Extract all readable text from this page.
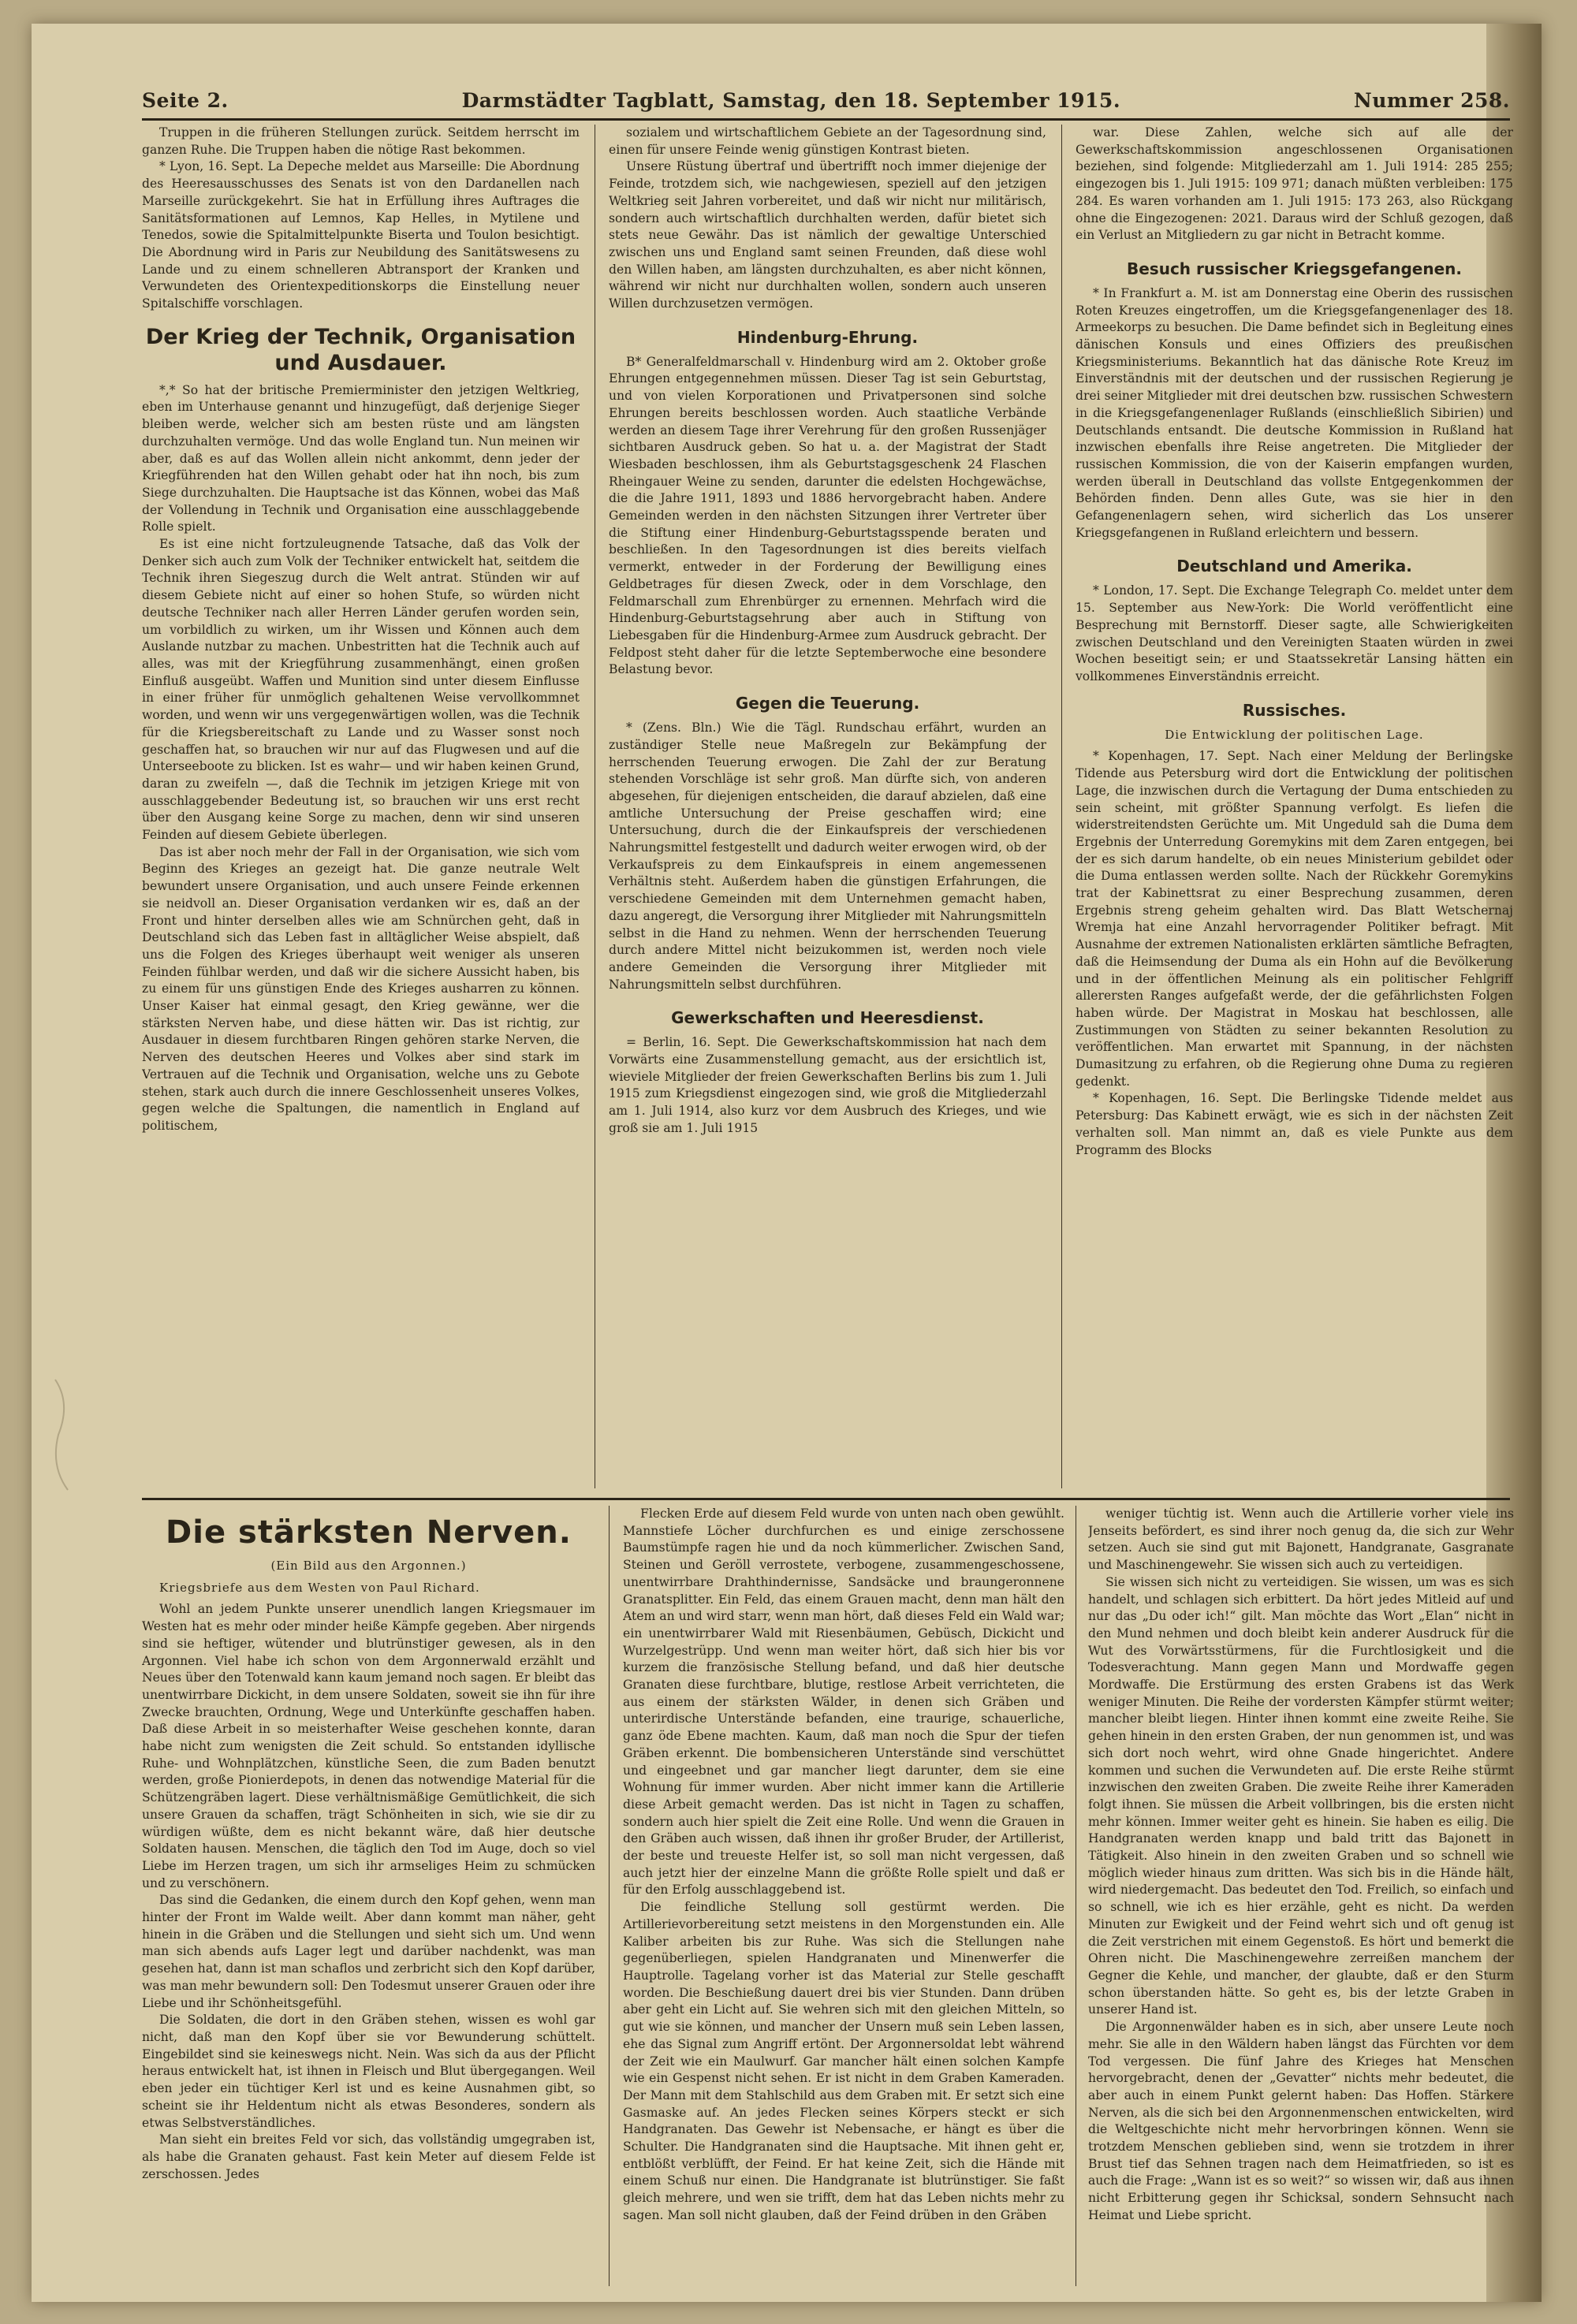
Seite 2.	Darmstädter Tagblatt, Samstag, den 18. September 1915.	Nummer 258.

Truppen in die früheren Stellungen zurück. Seitdem herrscht im ganzen Ruhe. Die Truppen haben die nötige Rast bekommen.

* Lyon, 16. Sept. La Depeche meldet aus Marseille: Die Abordnung des Heeresausschusses des Senats ist von den Dardanellen nach Marseille zurückgekehrt. Sie hat in Erfüllung ihres Auftrages die Sanitätsformationen auf Lemnos, Kap Helles, in Mytilene und Tenedos, sowie die Spitalmittelpunkte Biserta und Toulon besichtigt. Die Abordnung wird in Paris zur Neubildung des Sanitätswesens zu Lande und zu einem schnelleren Abtransport der Kranken und Verwundeten des Orientexpeditionskorps die Einstellung neuer Spitalschiffe vorschlagen.

Der Krieg der Technik, Organisation und Ausdauer.

*,* So hat der britische Premierminister den jetzigen Weltkrieg, eben im Unterhause genannt und hinzugefügt, daß derjenige Sieger bleiben werde, welcher sich am besten rüste und am längsten durchzuhalten vermöge. Und das wolle England tun. Nun meinen wir aber, daß es auf das Wollen allein nicht ankommt, denn jeder der Kriegführenden hat den Willen gehabt oder hat ihn noch, bis zum Siege durchzuhalten. Die Hauptsache ist das Können, wobei das Maß der Vollendung in Technik und Organisation eine ausschlaggebende Rolle spielt.

Es ist eine nicht fortzuleugnende Tatsache, daß das Volk der Denker sich auch zum Volk der Techniker entwickelt hat, seitdem die Technik ihren Siegeszug durch die Welt antrat. Stünden wir auf diesem Gebiete nicht auf einer so hohen Stufe, so würden nicht deutsche Techniker nach aller Herren Länder gerufen worden sein, um vorbildlich zu wirken, um ihr Wissen und Können auch dem Auslande nutzbar zu machen. Unbestritten hat die Technik auch auf alles, was mit der Kriegführung zusammenhängt, einen großen Einfluß ausgeübt. Waffen und Munition sind unter diesem Einflusse in einer früher für unmöglich gehaltenen Weise vervollkommnet worden, und wenn wir uns vergegenwärtigen wollen, was die Technik für die Kriegsbereitschaft zu Lande und zu Wasser sonst noch geschaffen hat, so brauchen wir nur auf das Flugwesen und auf die Unterseeboote zu blicken. Ist es wahr— und wir haben keinen Grund, daran zu zweifeln —, daß die Technik im jetzigen Kriege mit von ausschlaggebender Bedeutung ist, so brauchen wir uns erst recht über den Ausgang keine Sorge zu machen, denn wir sind unseren Feinden auf diesem Gebiete überlegen.

Das ist aber noch mehr der Fall in der Organisation, wie sich vom Beginn des Krieges an gezeigt hat. Die ganze neutrale Welt bewundert unsere Organisation, und auch unsere Feinde erkennen sie neidvoll an. Dieser Organisation verdanken wir es, daß an der Front und hinter derselben alles wie am Schnürchen geht, daß in Deutschland sich das Leben fast in alltäglicher Weise abspielt, daß uns die Folgen des Krieges überhaupt weit weniger als unseren Feinden fühlbar werden, und daß wir die sichere Aussicht haben, bis zu einem für uns günstigen Ende des Krieges ausharren zu können. Unser Kaiser hat einmal gesagt, den Krieg gewänne, wer die stärksten Nerven habe, und diese hätten wir. Das ist richtig, zur Ausdauer in diesem furchtbaren Ringen gehören starke Nerven, die Nerven des deutschen Heeres und Volkes aber sind stark im Vertrauen auf die Technik und Organisation, welche uns zu Gebote stehen, stark auch durch die innere Geschlossenheit unseres Volkes, gegen welche die Spaltungen, die namentlich in England auf politischem,

sozialem und wirtschaftlichem Gebiete an der Tagesordnung sind, einen für unsere Feinde wenig günstigen Kontrast bieten.

Unsere Rüstung übertraf und übertrifft noch immer diejenige der Feinde, trotzdem sich, wie nachgewiesen, speziell auf den jetzigen Weltkrieg seit Jahren vorbereitet, und daß wir nicht nur militärisch, sondern auch wirtschaftlich durchhalten werden, dafür bietet sich stets neue Gewähr. Das ist nämlich der gewaltige Unterschied zwischen uns und England samt seinen Freunden, daß diese wohl den Willen haben, am längsten durchzuhalten, es aber nicht können, während wir nicht nur durchhalten wollen, sondern auch unseren Willen durchzusetzen vermögen.

Hindenburg-Ehrung.

B* Generalfeldmarschall v. Hindenburg wird am 2. Oktober große Ehrungen entgegennehmen müssen. Dieser Tag ist sein Geburtstag, und von vielen Korporationen und Privatpersonen sind solche Ehrungen bereits beschlossen worden. Auch staatliche Verbände werden an diesem Tage ihrer Verehrung für den großen Russenjäger sichtbaren Ausdruck geben. So hat u. a. der Magistrat der Stadt Wiesbaden beschlossen, ihm als Geburtstagsgeschenk 24 Flaschen Rheingauer Weine zu senden, darunter die edelsten Hochgewächse, die die Jahre 1911, 1893 und 1886 hervorgebracht haben. Andere Gemeinden werden in den nächsten Sitzungen ihrer Vertreter über die Stiftung einer Hindenburg-Geburtstagsspende beraten und beschließen. In den Tagesordnungen ist dies bereits vielfach vermerkt, entweder in der Forderung der Bewilligung eines Geldbetrages für diesen Zweck, oder in dem Vorschlage, den Feldmarschall zum Ehrenbürger zu ernennen. Mehrfach wird die Hindenburg-Geburtstagsehrung aber auch in Stiftung von Liebesgaben für die Hindenburg-Armee zum Ausdruck gebracht. Der Feldpost steht daher für die letzte Septemberwoche eine besondere Belastung bevor.

Gegen die Teuerung.

* (Zens. Bln.) Wie die Tägl. Rundschau erfährt, wurden an zuständiger Stelle neue Maßregeln zur Bekämpfung der herrschenden Teuerung erwogen. Die Zahl der zur Beratung stehenden Vorschläge ist sehr groß. Man dürfte sich, von anderen abgesehen, für diejenigen entscheiden, die darauf abzielen, daß eine amtliche Untersuchung der Preise geschaffen wird; eine Untersuchung, durch die der Einkaufspreis der verschiedenen Nahrungsmittel festgestellt und dadurch weiter erwogen wird, ob der Verkaufspreis zu dem Einkaufspreis in einem angemessenen Verhältnis steht. Außerdem haben die günstigen Erfahrungen, die verschiedene Gemeinden mit dem Unternehmen gemacht haben, dazu angeregt, die Versorgung ihrer Mitglieder mit Nahrungsmitteln selbst in die Hand zu nehmen. Wenn der herrschenden Teuerung durch andere Mittel nicht beizukommen ist, werden noch viele andere Gemeinden die Versorgung ihrer Mitglieder mit Nahrungsmitteln selbst durchführen.

Gewerkschaften und Heeresdienst.

= Berlin, 16. Sept. Die Gewerkschaftskommission hat nach dem Vorwärts eine Zusammenstellung gemacht, aus der ersichtlich ist, wieviele Mitglieder der freien Gewerkschaften Berlins bis zum 1. Juli 1915 zum Kriegsdienst eingezogen sind, wie groß die Mitgliederzahl am 1. Juli 1914, also kurz vor dem Ausbruch des Krieges, und wie groß sie am 1. Juli 1915

war. Diese Zahlen, welche sich auf alle der Gewerkschaftskommission angeschlossenen Organisationen beziehen, sind folgende: Mitgliederzahl am 1. Juli 1914: 285 255; eingezogen bis 1. Juli 1915: 109 971; danach müßten verbleiben: 175 284. Es waren vorhanden am 1. Juli 1915: 173 263, also Rückgang ohne die Eingezogenen: 2021. Daraus wird der Schluß gezogen, daß ein Verlust an Mitgliedern zu gar nicht in Betracht komme.

Besuch russischer Kriegsgefangenen.

* In Frankfurt a. M. ist am Donnerstag eine Oberin des russischen Roten Kreuzes eingetroffen, um die Kriegsgefangenenlager des 18. Armeekorps zu besuchen. Die Dame befindet sich in Begleitung eines dänischen Konsuls und eines Offiziers des preußischen Kriegsministeriums. Bekanntlich hat das dänische Rote Kreuz im Einverständnis mit der deutschen und der russischen Regierung je drei seiner Mitglieder mit drei deutschen bzw. russischen Schwestern in die Kriegsgefangenenlager Rußlands (einschließlich Sibirien) und Deutschlands entsandt. Die deutsche Kommission in Rußland hat inzwischen ebenfalls ihre Reise angetreten. Die Mitglieder der russischen Kommission, die von der Kaiserin empfangen wurden, werden überall in Deutschland das vollste Entgegenkommen der Behörden finden. Denn alles Gute, was sie hier in den Gefangenenlagern sehen, wird sicherlich das Los unserer Kriegsgefangenen in Rußland erleichtern und bessern.

Deutschland und Amerika.

* London, 17. Sept. Die Exchange Telegraph Co. meldet unter dem 15. September aus New-York: Die World veröffentlicht eine Besprechung mit Bernstorff. Dieser sagte, alle Schwierigkeiten zwischen Deutschland und den Vereinigten Staaten würden in zwei Wochen beseitigt sein; er und Staatssekretär Lansing hätten ein vollkommenes Einverständnis erreicht.

Russisches.
Die Entwicklung der politischen Lage.

* Kopenhagen, 17. Sept. Nach einer Meldung der Berlingske Tidende aus Petersburg wird dort die Entwicklung der politischen Lage, die inzwischen durch die Vertagung der Duma entschieden zu sein scheint, mit größter Spannung verfolgt. Es liefen die widerstreitendsten Gerüchte um. Mit Ungeduld sah die Duma dem Ergebnis der Unterredung Goremykins mit dem Zaren entgegen, bei der es sich darum handelte, ob ein neues Ministerium gebildet oder die Duma entlassen werden sollte. Nach der Rückkehr Goremykins trat der Kabinettsrat zu einer Besprechung zusammen, deren Ergebnis streng geheim gehalten wird. Das Blatt Wetschernaj Wremja hat eine Anzahl hervorragender Politiker befragt. Mit Ausnahme der extremen Nationalisten erklärten sämtliche Befragten, daß die Heimsendung der Duma als ein Hohn auf die Bevölkerung und in der öffentlichen Meinung als ein politischer Fehlgriff allerersten Ranges aufgefaßt werde, der die gefährlichsten Folgen haben würde. Der Magistrat in Moskau hat beschlossen, alle Zustimmungen von Städten zu seiner bekannten Resolution zu veröffentlichen. Man erwartet mit Spannung, in der nächsten Dumasitzung zu erfahren, ob die Regierung ohne Duma zu regieren gedenkt.

* Kopenhagen, 16. Sept. Die Berlingske Tidende meldet aus Petersburg: Das Kabinett erwägt, wie es sich in der nächsten Zeit verhalten soll. Man nimmt an, daß es viele Punkte aus dem Programm des Blocks

Die stärksten Nerven.
(Ein Bild aus den Argonnen.)
Kriegsbriefe aus dem Westen von Paul Richard.

Wohl an jedem Punkte unserer unendlich langen Kriegsmauer im Westen hat es mehr oder minder heiße Kämpfe gegeben. Aber nirgends sind sie heftiger, wütender und blutrünstiger gewesen, als in den Argonnen. Viel habe ich schon von dem Argonnerwald erzählt und Neues über den Totenwald kann kaum jemand noch sagen. Er bleibt das unentwirrbare Dickicht, in dem unsere Soldaten, soweit sie ihn für ihre Zwecke brauchten, Ordnung, Wege und Unterkünfte geschaffen haben. Daß diese Arbeit in so meisterhafter Weise geschehen konnte, daran habe nicht zum wenigsten die Zeit schuld. So entstanden idyllische Ruhe- und Wohnplätzchen, künstliche Seen, die zum Baden benutzt werden, große Pionierdepots, in denen das notwendige Material für die Schützengräben lagert. Diese verhältnismäßige Gemütlichkeit, die sich unsere Grauen da schaffen, trägt Schönheiten in sich, wie sie dir zu würdigen wüßte, dem es nicht bekannt wäre, daß hier deutsche Soldaten hausen. Menschen, die täglich den Tod im Auge, doch so viel Liebe im Herzen tragen, um sich ihr armseliges Heim zu schmücken und zu verschönern.

Das sind die Gedanken, die einem durch den Kopf gehen, wenn man hinter der Front im Walde weilt. Aber dann kommt man näher, geht hinein in die Gräben und die Stellungen und sieht sich um. Und wenn man sich abends aufs Lager legt und darüber nachdenkt, was man gesehen hat, dann ist man schaflos und zerbricht sich den Kopf darüber, was man mehr bewundern soll: Den Todesmut unserer Grauen oder ihre Liebe und ihr Schönheitsgefühl.

Die Soldaten, die dort in den Gräben stehen, wissen es wohl gar nicht, daß man den Kopf über sie vor Bewunderung schüttelt. Eingebildet sind sie keineswegs nicht. Nein. Was sich da aus der Pflicht heraus entwickelt hat, ist ihnen in Fleisch und Blut übergegangen. Weil eben jeder ein tüchtiger Kerl ist und es keine Ausnahmen gibt, so scheint sie ihr Heldentum nicht als etwas Besonderes, sondern als etwas Selbstverständliches.

Man sieht ein breites Feld vor sich, das vollständig umgegraben ist, als habe die Granaten gehaust. Fast kein Meter auf diesem Felde ist zerschossen. Jedes

Flecken Erde auf diesem Feld wurde von unten nach oben gewühlt. Mannstiefe Löcher durchfurchen es und einige zerschossene Baumstümpfe ragen hie und da noch kümmerlicher. Zwischen Sand, Steinen und Geröll verrostete, verbogene, zusammengeschossene, unentwirrbare Drahthindernisse, Sandsäcke und braungeronnene Granatsplitter. Ein Feld, das einem Grauen macht, denn man hält den Atem an und wird starr, wenn man hört, daß dieses Feld ein Wald war; ein unentwirrbarer Wald mit Riesenbäumen, Gebüsch, Dickicht und Wurzelgestrüpp. Und wenn man weiter hört, daß sich hier bis vor kurzem die französische Stellung befand, und daß hier deutsche Granaten diese furchtbare, blutige, restlose Arbeit verrichteten, die aus einem der stärksten Wälder, in denen sich Gräben und unterirdische Unterstände befanden, eine traurige, schauerliche, ganz öde Ebene machten. Kaum, daß man noch die Spur der tiefen Gräben erkennt. Die bombensicheren Unterstände sind verschüttet und eingeebnet und gar mancher liegt darunter, dem sie eine Wohnung für immer wurden. Aber nicht immer kann die Artillerie diese Arbeit gemacht werden. Das ist nicht in Tagen zu schaffen, sondern auch hier spielt die Zeit eine Rolle. Und wenn die Grauen in den Gräben auch wissen, daß ihnen ihr großer Bruder, der Artillerist, der beste und treueste Helfer ist, so soll man nicht vergessen, daß auch jetzt hier der einzelne Mann die größte Rolle spielt und daß er für den Erfolg ausschlaggebend ist.

Die feindliche Stellung soll gestürmt werden. Die Artillerievorbereitung setzt meistens in den Morgenstunden ein. Alle Kaliber arbeiten bis zur Ruhe. Was sich die Stellungen nahe gegenüberliegen, spielen Handgranaten und Minenwerfer die Hauptrolle. Tagelang vorher ist das Material zur Stelle geschafft worden. Die Beschießung dauert drei bis vier Stunden. Dann drüben aber geht ein Licht auf. Sie wehren sich mit den gleichen Mitteln, so gut wie sie können, und mancher der Unsern muß sein Leben lassen, ehe das Signal zum Angriff ertönt. Der Argonnersoldat lebt während der Zeit wie ein Maulwurf. Gar mancher hält einen solchen Kampfe wie ein Gespenst nicht sehen. Er ist nicht in dem Graben Kameraden. Der Mann mit dem Stahlschild aus dem Graben mit. Er setzt sich eine Gasmaske auf. An jedes Flecken seines Körpers steckt er sich Handgranaten. Das Gewehr ist Nebensache, er hängt es über die Schulter. Die Handgranaten sind die Hauptsache. Mit ihnen geht er, entblößt verblüfft, der Feind. Er hat keine Zeit, sich die Hände mit einem Schuß nur einen. Die Handgranate ist blutrünstiger. Sie faßt gleich mehrere, und wen sie trifft, dem hat das Leben nichts mehr zu sagen. Man soll nicht glauben, daß der Feind drüben in den Gräben

weniger tüchtig ist. Wenn auch die Artillerie vorher viele ins Jenseits befördert, es sind ihrer noch genug da, die sich zur Wehr setzen. Auch sie sind gut mit Bajonett, Handgranate, Gasgranate und Maschinengewehr. Sie wissen sich auch zu verteidigen.

Sie wissen sich nicht zu verteidigen. Sie wissen, um was es sich handelt, und schlagen sich erbittert. Da hört jedes Mitleid auf und nur das „Du oder ich!“ gilt. Man möchte das Wort „Elan“ nicht in den Mund nehmen und doch bleibt kein anderer Ausdruck für die Wut des Vorwärtsstürmens, für die Furchtlosigkeit und die Todesverachtung. Mann gegen Mann und Mordwaffe gegen Mordwaffe. Die Erstürmung des ersten Grabens ist das Werk weniger Minuten. Die Reihe der vordersten Kämpfer stürmt weiter; mancher bleibt liegen. Hinter ihnen kommt eine zweite Reihe. Sie gehen hinein in den ersten Graben, der nun genommen ist, und was sich dort noch wehrt, wird ohne Gnade hingerichtet. Andere kommen und suchen die Verwundeten auf. Die erste Reihe stürmt inzwischen den zweiten Graben. Die zweite Reihe ihrer Kameraden folgt ihnen. Sie müssen die Arbeit vollbringen, bis die ersten nicht mehr können. Immer weiter geht es hinein. Sie haben es eilig. Die Handgranaten werden knapp und bald tritt das Bajonett in Tätigkeit. Also hinein in den zweiten Graben und so schnell wie möglich wieder hinaus zum dritten. Was sich bis in die Hände hält, wird niedergemacht. Das bedeutet den Tod. Freilich, so einfach und so schnell, wie ich es hier erzähle, geht es nicht. Da werden Minuten zur Ewigkeit und der Feind wehrt sich und oft genug ist die Zeit verstrichen mit einem Gegenstoß. Es hört und bemerkt die Ohren nicht. Die Maschinengewehre zerreißen manchem der Gegner die Kehle, und mancher, der glaubte, daß er den Sturm schon überstanden hätte. So geht es, bis der letzte Graben in unserer Hand ist.

Die Argonnenwälder haben es in sich, aber unsere Leute noch mehr. Sie alle in den Wäldern haben längst das Fürchten vor dem Tod vergessen. Die fünf Jahre des Krieges hat Menschen hervorgebracht, denen der „Gevatter“ nichts mehr bedeutet, die aber auch in einem Punkt gelernt haben: Das Hoffen. Stärkere Nerven, als die sich bei den Argonnenmenschen entwickelten, wird die Weltgeschichte nicht mehr hervorbringen können. Wenn sie trotzdem Menschen geblieben sind, wenn sie trotzdem in ihrer Brust tief das Sehnen tragen nach dem Heimatfrieden, so ist es auch die Frage: „Wann ist es so weit?“ so wissen wir, daß aus ihnen nicht Erbitterung gegen ihr Schicksal, sondern Sehnsucht nach Heimat und Liebe spricht.
